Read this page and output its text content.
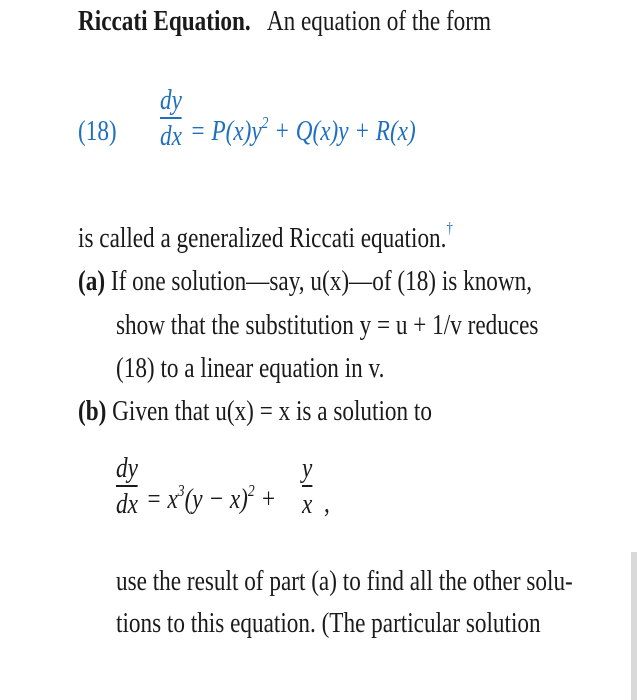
Riccati Equation. An equation of the form
(18)
dy
dx = $P(x)y^2 + Q(x)y + R(x)$
is called a generalized Riccati equation.†
(a) If one solution—say, u(x)—of (18) is known,
show that the substitution y = u + 1/v reduces
(18) to a linear equation in v.
(b) Given that u(x) = x is a solution to
dy
dx = $x^3(y - x)^2$ +
y
x ,
use the result of part (a) to find all the other solu-
tions to this equation. (The particular solution
